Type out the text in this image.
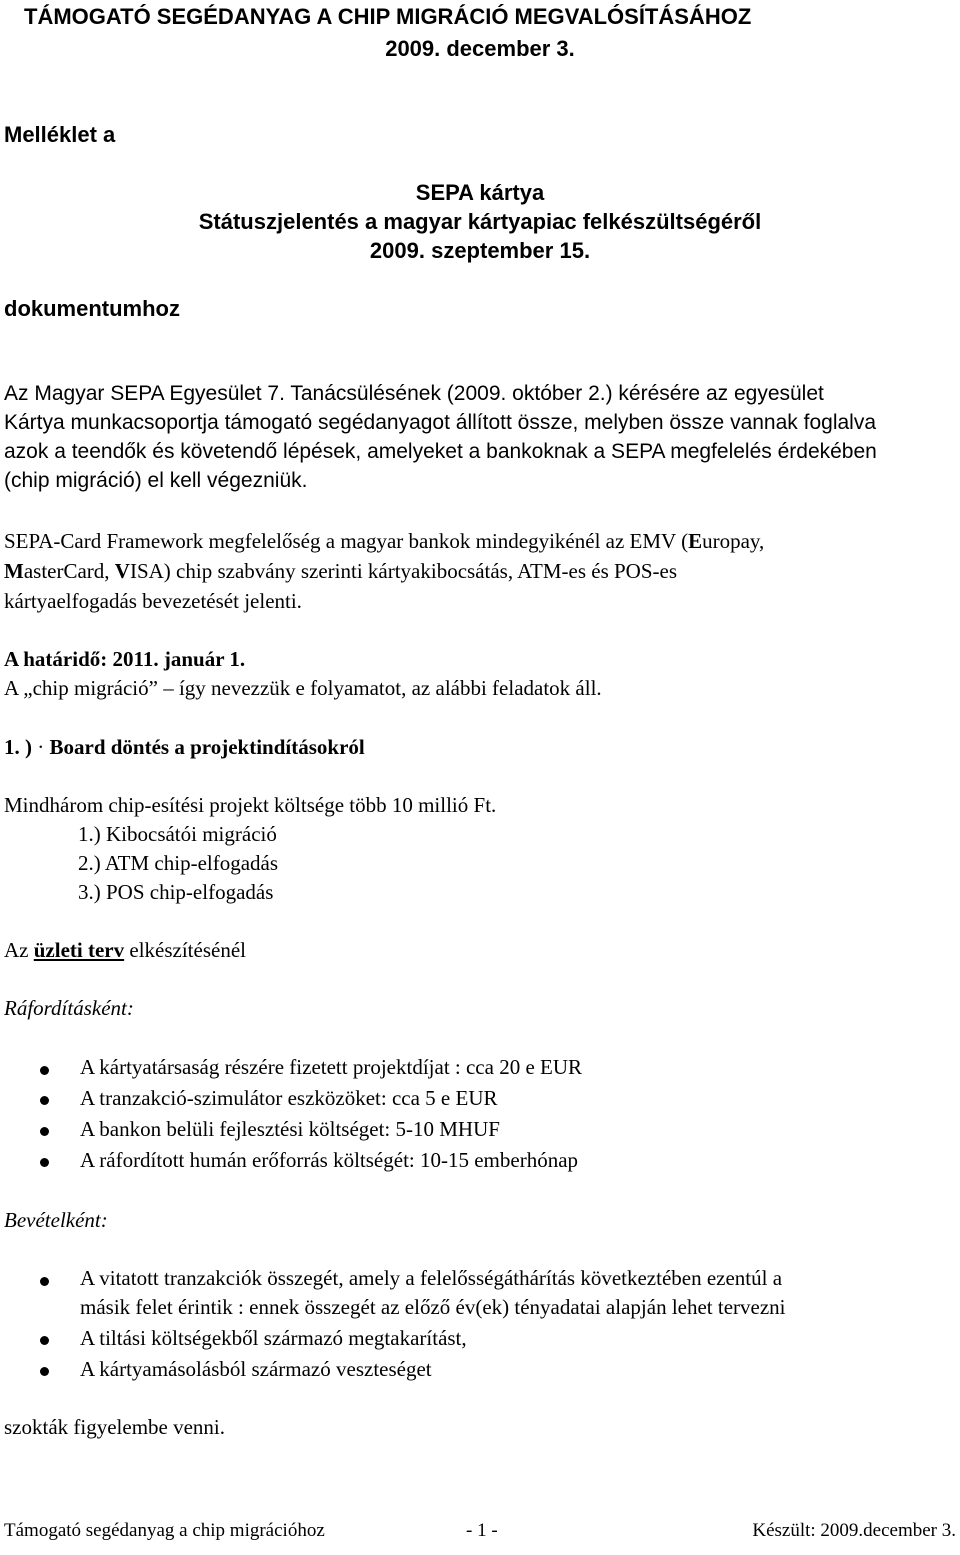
TÁMOGATÓ SEGÉDANYAG A CHIP MIGRÁCIÓ MEGVALÓSÍTÁSÁHOZ
2009. december 3.
Melléklet a
SEPA kártya
Státuszjelentés a magyar kártyapiac felkészültségéről
2009. szeptember 15.
dokumentumhoz
Az Magyar SEPA Egyesület 7. Tanácsülésének (2009. október 2.) kérésére az egyesület
Kártya munkacsoportja támogató segédanyagot állított össze, melyben össze vannak foglalva
azok a teendők és követendő lépések, amelyeket a bankoknak a SEPA megfelelés érdekében
(chip migráció) el kell végezniük.
SEPA-Card Framework megfelelőség a magyar bankok mindegyikénél az EMV (Europay,
MasterCard, VISA) chip szabvány szerinti kártyakibocsátás, ATM-es és POS-es
kártyaelfogadás bevezetését jelenti.
A határidő: 2011. január 1.
A „chip migráció” – így nevezzük e folyamatot, az alábbi feladatok áll.
1. ) · Board döntés a projektindításokról
Mindhárom chip-esítési projekt költsége több 10 millió Ft.
1.) Kibocsátói migráció
2.) ATM chip-elfogadás
3.) POS chip-elfogadás
Az üzleti terv elkészítésénél
Ráfordításként:
A kártyatársaság részére fizetett projektdíjat : cca 20 e EUR
A tranzakció-szimulátor eszközöket: cca 5 e EUR
A bankon belüli fejlesztési költséget: 5-10 MHUF
A ráfordított humán erőforrás költségét: 10-15 emberhónap
Bevételként:
A vitatott tranzakciók összegét, amely a felelősségáthárítás következtében ezentúl a
másik felet érintik : ennek összegét az előző év(ek) tényadatai alapján lehet tervezni
A tiltási költségekből származó megtakarítást,
A kártyamásolásból származó veszteséget
szokták figyelembe venni.
Támogató segédanyag a chip migrációhoz	- 1 -	Készült: 2009.december 3.
